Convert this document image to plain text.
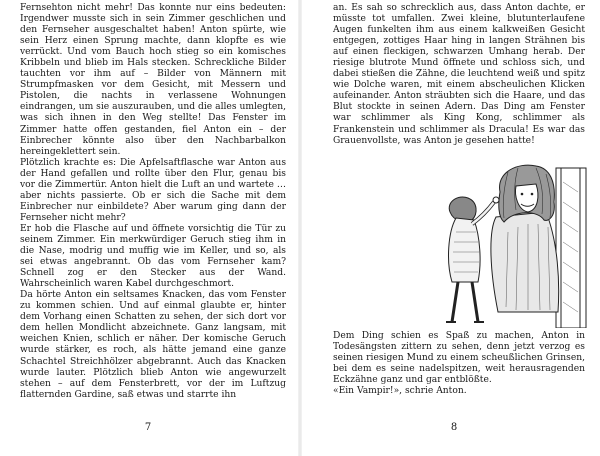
Fernsehton nicht mehr! Das konnte nur eins bedeuten: Irgendwer musste sich in sein Zimmer geschlichen und den Fernseher ausgeschaltet haben! Anton spürte, wie sein Herz einen Sprung machte, dann klopfte es wie verrückt. Und vom Bauch hoch stieg so ein komisches Kribbeln und blieb im Hals stecken. Schreckliche Bilder tauchten vor ihm auf – Bilder von Männern mit Strumpfmasken vor dem Gesicht, mit Messern und Pistolen, die nachts in verlassene Wohnungen eindrangen, um sie auszurauben, und die alles umlegten, was sich ihnen in den Weg stellte! Das Fenster im Zimmer hatte offen gestanden, fiel Anton ein – der Einbrecher könnte also über den Nachbarbalkon hereingeklettert sein.

Plötzlich krachte es: Die Apfelsaftflasche war Anton aus der Hand gefallen und rollte über den Flur, genau bis vor die Zimmertür. Anton hielt die Luft an und wartete … aber nichts passierte. Ob er sich die Sache mit dem Einbrecher nur einbildete? Aber warum ging dann der Fernseher nicht mehr?

Er hob die Flasche auf und öffnete vorsichtig die Tür zu seinem Zimmer. Ein merkwürdiger Geruch stieg ihm in die Nase, modrig und muffig wie im Keller, und so, als sei etwas angebrannt. Ob das vom Fernseher kam? Schnell zog er den Stecker aus der Wand. Wahrscheinlich waren Kabel durchgeschmort.

Da hörte Anton ein seltsames Knacken, das vom Fenster zu kommen schien. Und auf einmal glaubte er, hinter dem Vorhang einen Schatten zu sehen, der sich dort vor dem hellen Mondlicht abzeichnete. Ganz langsam, mit weichen Knien, schlich er näher. Der komische Geruch wurde stärker, es roch, als hätte jemand eine ganze Schachtel Streichhölzer abgebrannt. Auch das Knacken wurde lauter. Plötzlich blieb Anton wie angewurzelt stehen – auf dem Fensterbrett, vor der im Luftzug flatternden Gardine, saß etwas und starrte ihn

7

an. Es sah so schrecklich aus, dass Anton dachte, er müsste tot umfallen. Zwei kleine, blutunterlaufene Augen funkelten ihm aus einem kalkweißen Gesicht entgegen, zottiges Haar hing in langen Strähnen bis auf einen fleckigen, schwarzen Umhang herab. Der riesige blutrote Mund öffnete und schloss sich, und dabei stießen die Zähne, die leuchtend weiß und spitz wie Dolche waren, mit einem abscheulichen Klicken aufeinander. Anton sträubten sich die Haare, und das Blut stockte in seinen Adern. Das Ding am Fenster war schlimmer als King Kong, schlimmer als Frankenstein und schlimmer als Dracula! Es war das Grauenvollste, was Anton je gesehen hatte!

Dem Ding schien es Spaß zu machen, Anton in Todesängsten zittern zu sehen, denn jetzt verzog es seinen riesigen Mund zu einem scheußlichen Grinsen, bei dem es seine nadelspitzen, weit herausragenden Eckzähne ganz und gar entblößte.

«Ein Vampir!», schrie Anton.

8
